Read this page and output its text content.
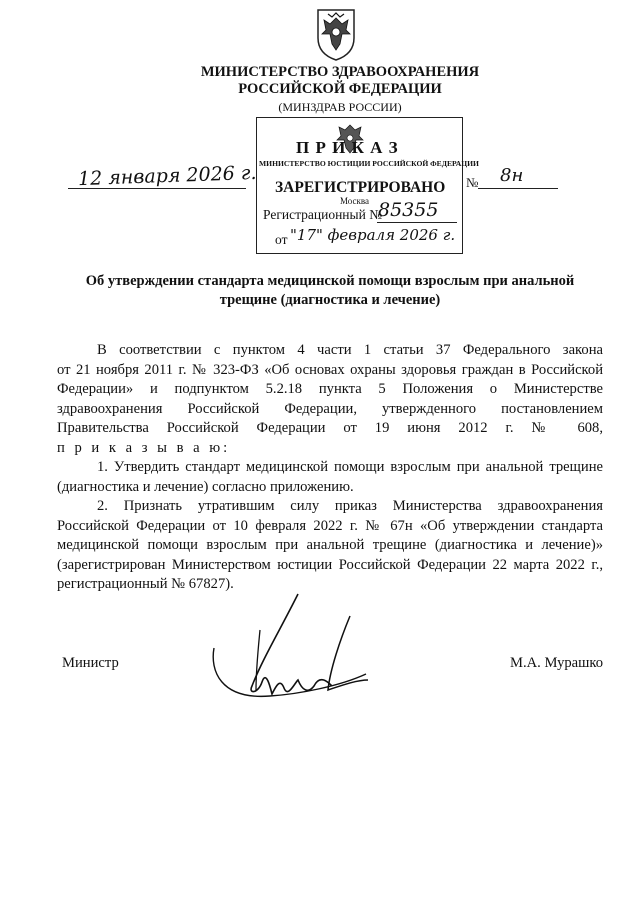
МИНИСТЕРСТВО ЗДРАВООХРАНЕНИЯ
РОССИЙСКОЙ ФЕДЕРАЦИИ
(МИНЗДРАВ РОССИИ)
П Р И К А З
МИНИСТЕРСТВО ЮСТИЦИИ РОССИЙСКОЙ ФЕДЕРАЦИИ
Москва
ЗАРЕГИСТРИРОВАНО
Регистрационный №
85355
от "17" февраля 2026 г.
12 января 2026 г.	№ 8н
Об утверждении стандарта медицинской помощи взрослым при анальной
трещине (диагностика и лечение)
В соответствии с пунктом 4 части 1 статьи 37 Федерального закона
от 21 ноября 2011 г. № 323-ФЗ «Об основах охраны здоровья граждан в Российской
Федерации» и подпунктом 5.2.18 пункта 5 Положения о Министерстве
здравоохранения Российской Федерации, утвержденного постановлением
Правительства Российской Федерации от 19 июня 2012 г. № 608,
п р и к а з ы в а ю:
1. Утвердить стандарт медицинской помощи взрослым при анальной трещине
(диагностика и лечение) согласно приложению.
2. Признать утратившим силу приказ Министерства здравоохранения
Российской Федерации от 10 февраля 2022 г. № 67н «Об утверждении стандарта
медицинской помощи взрослым при анальной трещине (диагностика и лечение)»
(зарегистрирован Министерством юстиции Российской Федерации 22 марта 2022 г.,
регистрационный № 67827).
Министр	М.А. Мурашко
